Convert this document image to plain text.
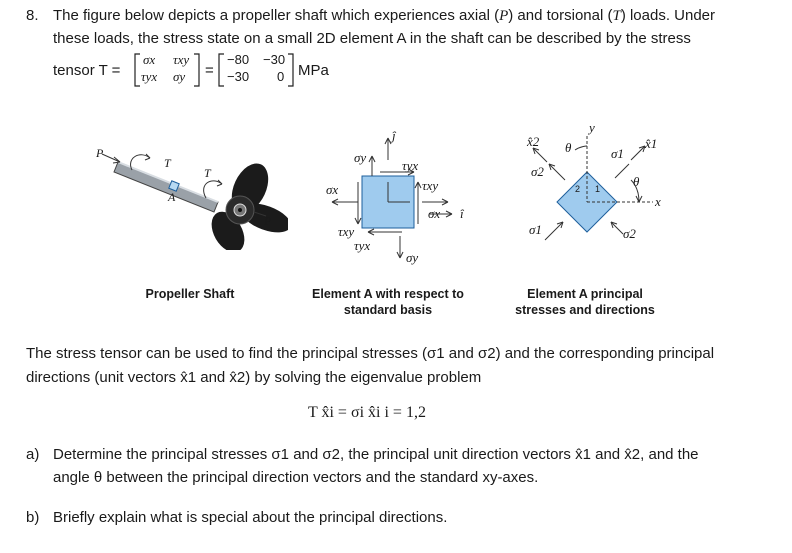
8. The figure below depicts a propeller shaft which experiences axial (P) and torsional (T) loads. Under
these loads, the stress state on a small 2D element A in the shaft can be described by the stress
tensor T =
σx τxy
τyx σy =
−80 −30
−30 0 MPa
P
T
T
A
P
Propeller Shaft
ĵ
σy
τyx
σx	τxy
σx î
τxy
τyx
σy
Element A with respect to
standard basis
y
x̂2 θ	σ1
x̂1
σ2
2 1	θ
x
σ1	σ2
Element A principal
stresses and directions
The stress tensor can be used to find the principal stresses (σ1 and σ2) and the corresponding principal
directions (unit vectors x̂1 and x̂2) by solving the eigenvalue problem
T x̂i = σi x̂i i = 1,2
a) Determine the principal stresses σ1 and σ2, the principal unit direction vectors x̂1 and x̂2, and the
angle θ between the principal direction vectors and the standard xy-axes.
b) Briefly explain what is special about the principal directions.
